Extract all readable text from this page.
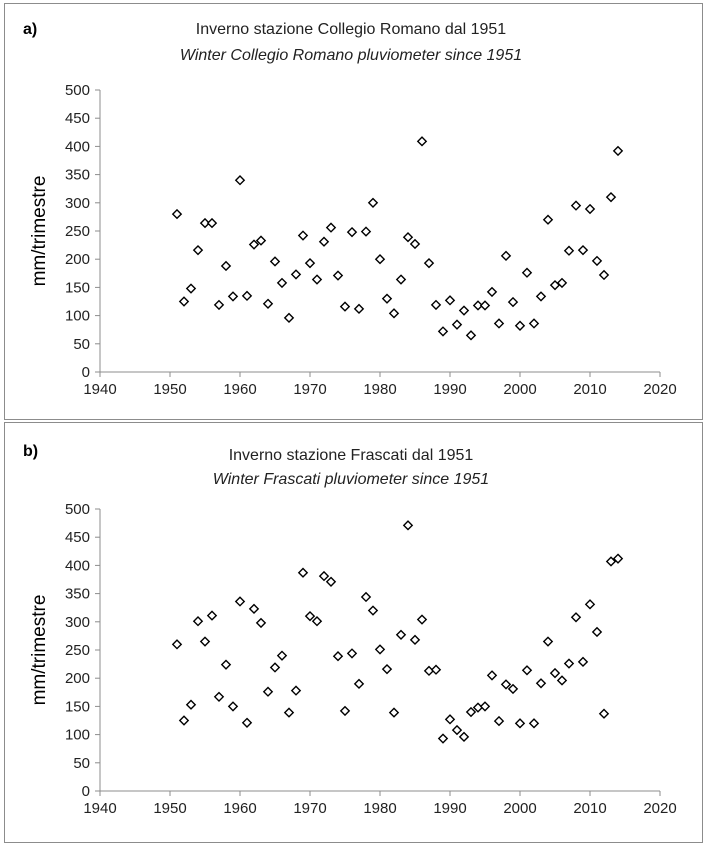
a)	Inverno stazione Collegio Romano dal 1951
Winter Collegio Romano pluviometer since 1951
mm/trimestre
0
50
100
150
200
250
300
350
400
450
500
1940 1950 1960 1970 1980 1990 2000 2010 2020
b)	Inverno stazione Frascati dal 1951
Winter Frascati pluviometer since 1951
mm/trimestre
0
50
100
150
200
250
300
350
400
450
500
1940 1950 1960 1970 1980 1990 2000 2010 2020
